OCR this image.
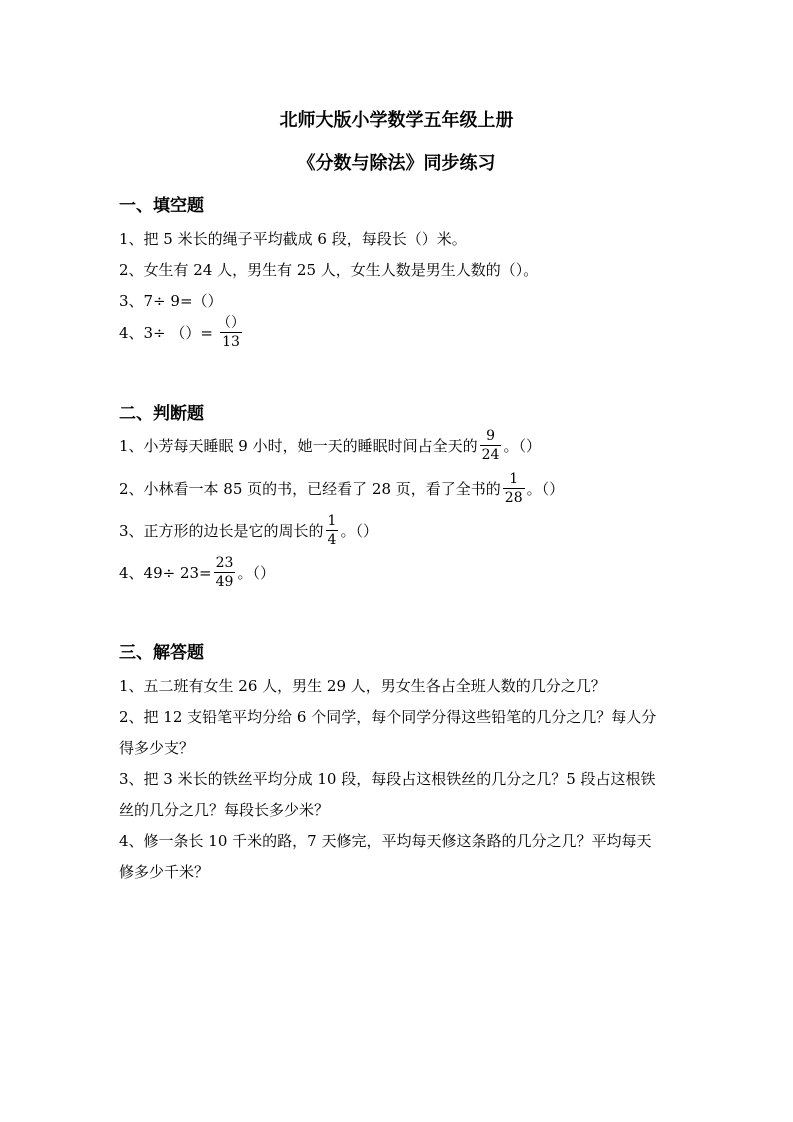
北师大版小学数学五年级上册
《分数与除法》同步练习
一、填空题
1、把 5 米长的绳子平均截成 6 段，每段长（）米。
2、女生有 24 人，男生有 25 人，女生人数是男生人数的（）。
3、7÷ 9=（）
4、3÷ （）= $\frac{()}{13}$
二、判断题
1、小芳每天睡眠 9 小时，她一天的睡眠时间占全天的 $\frac{9}{24}$ 。（）
2、小林看一本 85 页的书，已经看了 28 页，看了全书的 $\frac{1}{28}$ 。（）
3、正方形的边长是它的周长的 $\frac{1}{4}$ 。（）
4、$49\div 23= \frac{23}{49}$ 。（）
三、解答题
1、五二班有女生 26 人，男生 29 人，男女生各占全班人数的几分之几？
2、把 12 支铅笔平均分给 6 个同学，每个同学分得这些铅笔的几分之几？每人分
得多少支？
3、把 3 米长的铁丝平均分成 10 段，每段占这根铁丝的几分之几？5 段占这根铁
丝的几分之几？每段长多少米？
4、修一条长 10 千米的路，7 天修完，平均每天修这条路的几分之几？平均每天
修多少千米？
